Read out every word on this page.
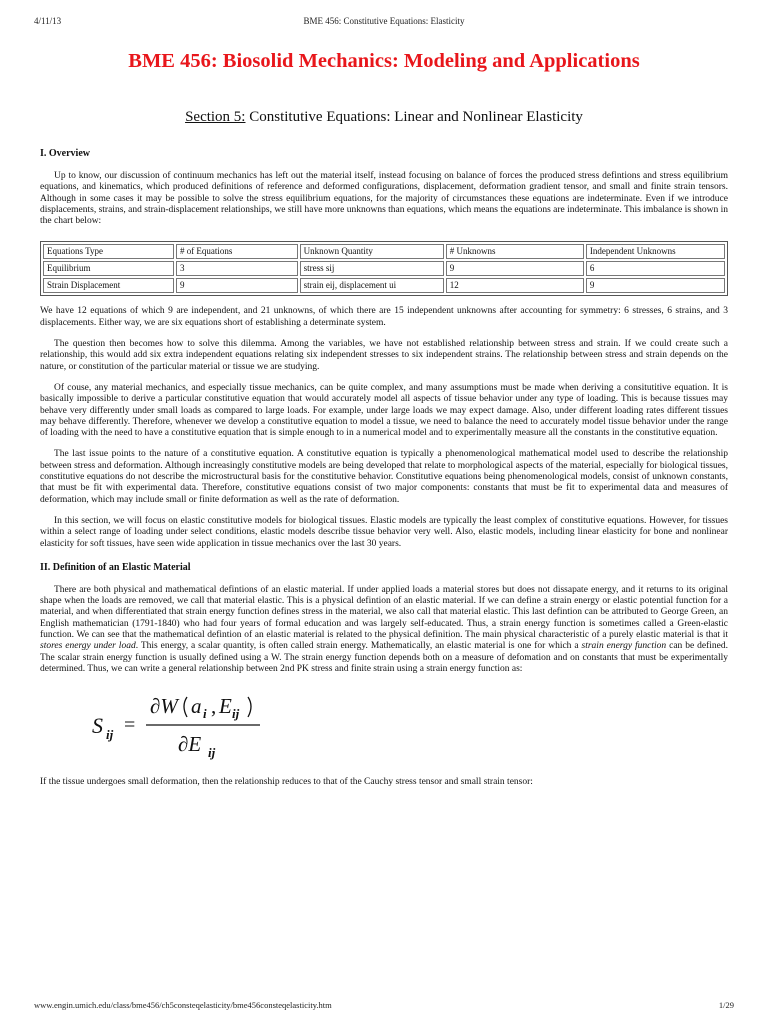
4/11/13	BME 456: Constitutive Equations: Elasticity
BME 456: Biosolid Mechanics: Modeling and Applications
Section 5: Constitutive Equations: Linear and Nonlinear Elasticity
I. Overview

Up to know, our discussion of continuum mechanics has left out the material itself, instead focusing on balance of forces the produced stress defintions and stress equilibrium equations, and kinematics, which produced definitions of reference and deformed configurations, displacement, deformation gradient tensor, and small and finite strain tensors. Although in some cases it may be possible to solve the stress equilibrium equations, for the majority of circumstances these equations are indeterminate. Even if we introduce displacements, strains, and strain-displacement relationships, we still have more unknowns than equations, which means the equations are indeterminate. This imbalance is shown in the chart below:

Equations Type	# of Equations	Unknown Quantity	# Unknowns	Independent Unknowns
Equilibrium	3	stress sij	9	6
Strain Displacement	9	strain eij, displacement ui	12	9

We have 12 equations of which 9 are independent, and 21 unknowns, of which there are 15 independent unknowns after accounting for symmetry: 6 stresses, 6 strains, and 3 displacements. Either way, we are six equations short of establishing a determinate system.

The question then becomes how to solve this dilemma. Among the variables, we have not established relationship between stress and strain. If we could create such a relationship, this would add six extra independent equations relating six independent stresses to six independent strains. The relationship between stress and strain depends on the nature, or constitution of the particular material or tissue we are studying.

Of couse, any material mechanics, and especially tissue mechanics, can be quite complex, and many assumptions must be made when deriving a consitutitive equation. It is basically impossible to derive a particular constitutive equation that would accurately model all aspects of tissue behavior under any type of loading. This is because tissues may behave very differently under small loads as compared to large loads. For example, under large loads we may expect damage. Also, under different loading rates different tissues may behave differently. Therefore, whenever we develop a constitutive equation to model a tissue, we need to balance the need to accurately model tissue behavior under the range of loading with the need to have a constitutive equation that is simple enough to in a numerical model and to experimentally measure all the constants in the constitutive equation.

The last issue points to the nature of a constitutive equation. A constitutive equation is typically a phenomenological mathematical model used to describe the relationship between stress and deformation. Although increasingly constitutive models are being developed that relate to morphological aspects of the material, especially for biological tissues, constitutive equations do not describe the microstructural basis for the constitutive behavior. Constitutive equations being phenomenological models, consist of unknown constants, that must be fit with experimental data. Therefore, constitutive equations consist of two major components: constants that must be fit to experimental data and measures of deformation, which may include small or finite deformation as well as the rate of deformation.

In this section, we will focus on elastic constitutive models for biological tissues. Elastic models are typically the least complex of constitutive equations. However, for tissues within a select range of loading under select conditions, elastic models describe tissue behavior very well. Also, elastic models, including linear elasticity for bone and nonlinear elasticity for soft tissues, have seen wide application in tissue mechanics over the last 30 years.

II. Definition of an Elastic Material

There are both physical and mathematical defintions of an elastic material. If under applied loads a material stores but does not dissapate energy, and it returns to its original shape when the loads are removed, we call that material elastic. This is a physical defintion of an elastic material. If we can define a strain energy or elastic potential function for a material, and when differentiated that strain energy function defines stress in the material, we also call that material elastic. This last defintion can be attributed to George Green, an English mathematician (1791-1840) who had four years of formal education and was largely self-educated. Thus, a strain energy function is sometimes called a Green-elastic function. We can see that the mathematical defintion of an elastic material is related to the physical definition. The main physical characteristic of a purely elastic material is that it stores energy under load. This energy, a scalar quantity, is often called strain energy. Mathematically, an elastic material is one for which a strain energy function can be defined. The scalar strain energy function is usually defined using a W. The strain energy function depends both on a measure of defomation and on constants that must be experimentally determined. Thus, we can write a general relationship between 2nd PK stress and finite strain using a strain energy function as:

S ij =
∂W a i , E ij
∂E ij

If the tissue undergoes small deformation, then the relationship reduces to that of the Cauchy stress tensor and small strain tensor:

www.engin.umich.edu/class/bme456/ch5consteqelasticity/bme456consteqelasticity.htm	1/29
